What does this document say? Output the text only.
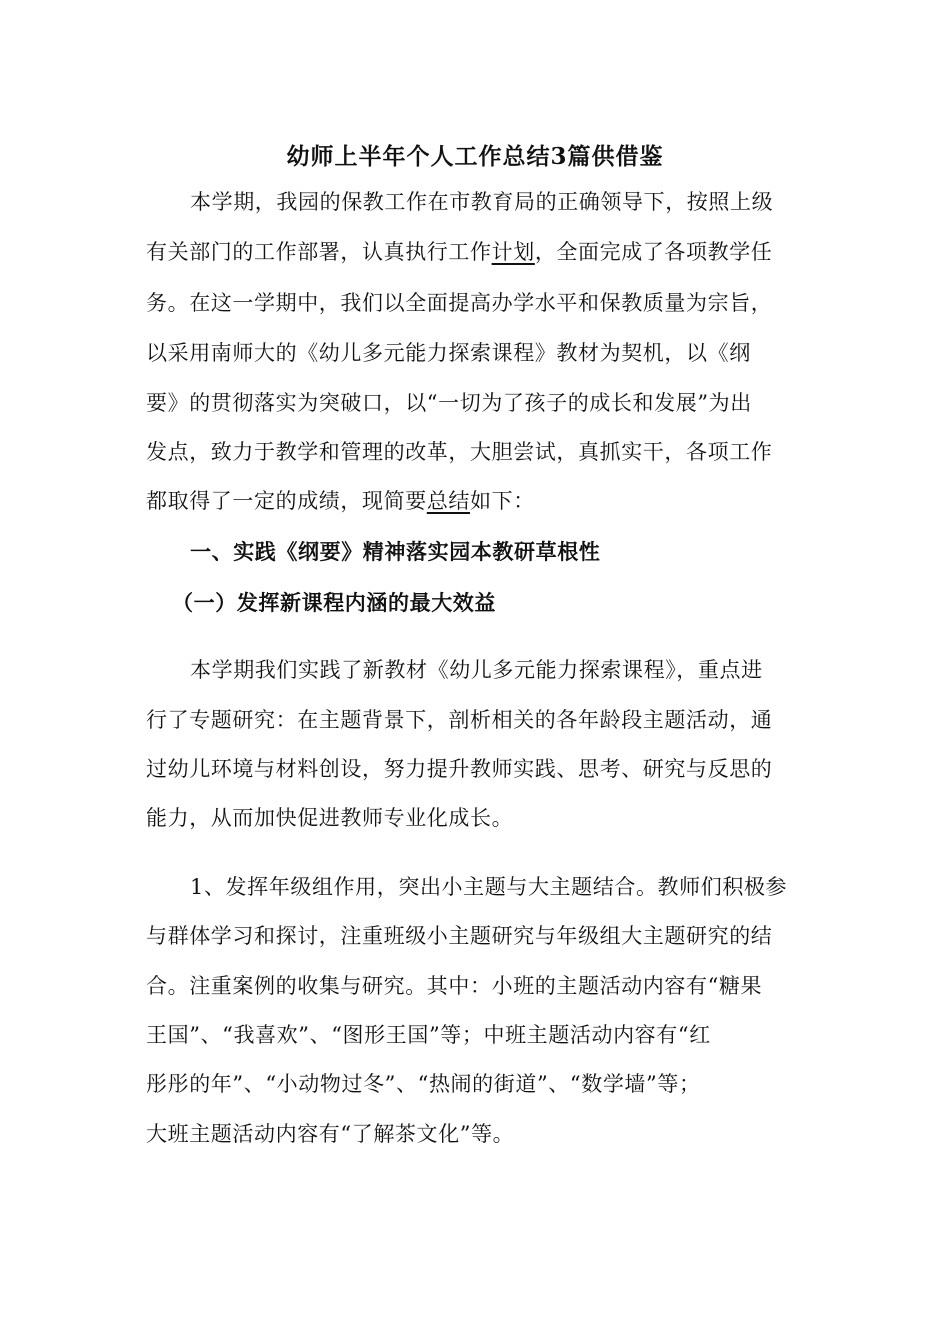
幼师上半年个人工作总结3篇供借鉴
本学期，我园的保教工作在市教育局的正确领导下，按照上级
有关部门的工作部署，认真执行工作计划，全面完成了各项教学任
务。在这一学期中，我们以全面提高办学水平和保教质量为宗旨，
以采用南师大的《幼儿多元能力探索课程》教材为契机，以《纲
要》的贯彻落实为突破口，以“一切为了孩子的成长和发展”为出
发点，致力于教学和管理的改革，大胆尝试，真抓实干，各项工作
都取得了一定的成绩，现简要总结如下：
一、实践《纲要》精神落实园本教研草根性
（一）发挥新课程内涵的最大效益
本学期我们实践了新教材《幼儿多元能力探索课程》，重点进
行了专题研究：在主题背景下，剖析相关的各年龄段主题活动，通
过幼儿环境与材料创设，努力提升教师实践、思考、研究与反思的
能力，从而加快促进教师专业化成长。
1、发挥年级组作用，突出小主题与大主题结合。教师们积极参
与群体学习和探讨，注重班级小主题研究与年级组大主题研究的结
合。注重案例的收集与研究。其中：小班的主题活动内容有“糖果
王国”、“我喜欢”、“图形王国”等；中班主题活动内容有“红
彤彤的年”、“小动物过冬”、“热闹的街道”、“数学墙”等；
大班主题活动内容有“了解茶文化”等。
